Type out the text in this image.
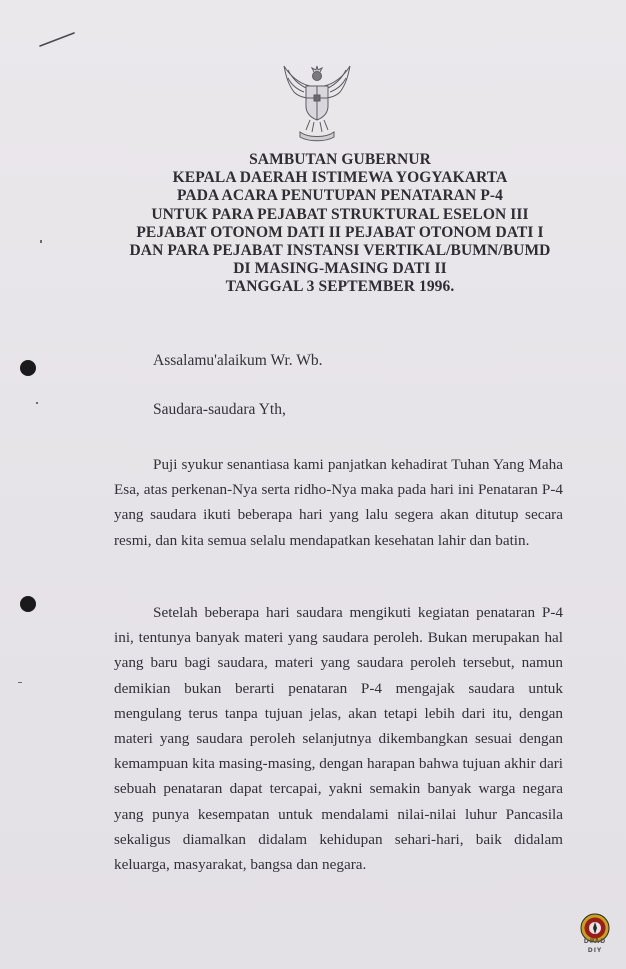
SAMBUTAN GUBERNUR
KEPALA DAERAH ISTIMEWA YOGYAKARTA
PADA ACARA PENUTUPAN PENATARAN P-4
UNTUK PARA PEJABAT STRUKTURAL ESELON III
PEJABAT OTONOM DATI II PEJABAT OTONOM DATI I
DAN PARA PEJABAT INSTANSI VERTIKAL/BUMN/BUMD
DI MASING-MASING DATI II
TANGGAL 3 SEPTEMBER 1996.
Assalamu'alaikum Wr. Wb.
Saudara-saudara Yth,

Puji syukur senantiasa kami panjatkan kehadirat Tuhan Yang Maha Esa, atas perkenan-Nya serta ridho-Nya maka pada hari ini Penataran P-4 yang saudara ikuti beberapa hari yang lalu segera akan ditutup secara resmi, dan kita semua selalu mendapatkan kesehatan lahir dan batin.

Setelah beberapa hari saudara mengikuti kegiatan penataran P-4 ini, tentunya banyak materi yang saudara peroleh. Bukan merupakan hal yang baru bagi saudara, materi yang saudara peroleh tersebut, namun demikian bukan berarti penataran P-4 mengajak saudara untuk mengulang terus tanpa tujuan jelas, akan tetapi lebih dari itu, dengan materi yang saudara peroleh selanjutnya dikembangkan sesuai dengan kemampuan kita masing-masing, dengan harapan bahwa tujuan akhir dari sebuah penataran dapat tercapai, yakni semakin banyak warga negara yang punya kesempatan untuk mendalami nilai-nilai luhur Pancasila sekaligus diamalkan didalam kehidupan sehari-hari, baik didalam keluarga, masyarakat, bangsa dan negara.

DPAD
DIY
